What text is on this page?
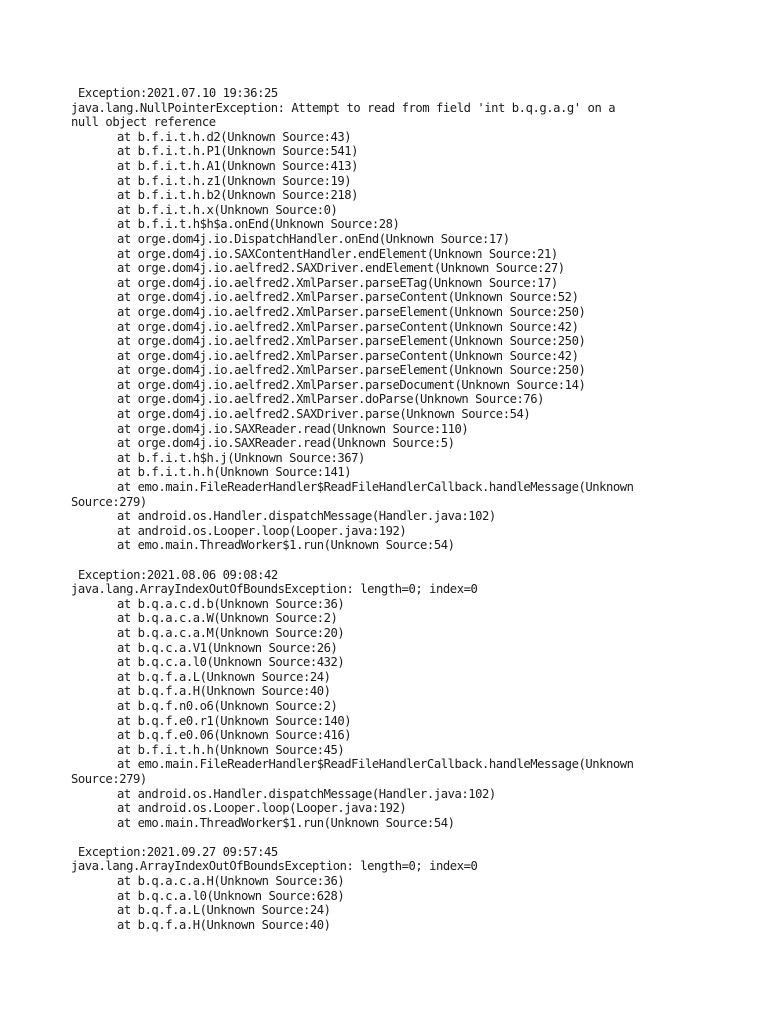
Exception:2021.07.10 19:36:25
java.lang.NullPointerException: Attempt to read from field 'int b.q.g.a.g' on a
null object reference
at b.f.i.t.h.d2(Unknown Source:43)
at b.f.i.t.h.P1(Unknown Source:541)
at b.f.i.t.h.A1(Unknown Source:413)
at b.f.i.t.h.z1(Unknown Source:19)
at b.f.i.t.h.b2(Unknown Source:218)
at b.f.i.t.h.x(Unknown Source:0)
at b.f.i.t.h$h$a.onEnd(Unknown Source:28)
at orge.dom4j.io.DispatchHandler.onEnd(Unknown Source:17)
at orge.dom4j.io.SAXContentHandler.endElement(Unknown Source:21)
at orge.dom4j.io.aelfred2.SAXDriver.endElement(Unknown Source:27)
at orge.dom4j.io.aelfred2.XmlParser.parseETag(Unknown Source:17)
at orge.dom4j.io.aelfred2.XmlParser.parseContent(Unknown Source:52)
at orge.dom4j.io.aelfred2.XmlParser.parseElement(Unknown Source:250)
at orge.dom4j.io.aelfred2.XmlParser.parseContent(Unknown Source:42)
at orge.dom4j.io.aelfred2.XmlParser.parseElement(Unknown Source:250)
at orge.dom4j.io.aelfred2.XmlParser.parseContent(Unknown Source:42)
at orge.dom4j.io.aelfred2.XmlParser.parseElement(Unknown Source:250)
at orge.dom4j.io.aelfred2.XmlParser.parseDocument(Unknown Source:14)
at orge.dom4j.io.aelfred2.XmlParser.doParse(Unknown Source:76)
at orge.dom4j.io.aelfred2.SAXDriver.parse(Unknown Source:54)
at orge.dom4j.io.SAXReader.read(Unknown Source:110)
at orge.dom4j.io.SAXReader.read(Unknown Source:5)
at b.f.i.t.h$h.j(Unknown Source:367)
at b.f.i.t.h.h(Unknown Source:141)
at emo.main.FileReaderHandler$ReadFileHandlerCallback.handleMessage(Unknown
Source:279)
at android.os.Handler.dispatchMessage(Handler.java:102)
at android.os.Looper.loop(Looper.java:192)
at emo.main.ThreadWorker$1.run(Unknown Source:54)
Exception:2021.08.06 09:08:42
java.lang.ArrayIndexOutOfBoundsException: length=0; index=0
at b.q.a.c.d.b(Unknown Source:36)
at b.q.a.c.a.W(Unknown Source:2)
at b.q.a.c.a.M(Unknown Source:20)
at b.q.c.a.V1(Unknown Source:26)
at b.q.c.a.l0(Unknown Source:432)
at b.q.f.a.L(Unknown Source:24)
at b.q.f.a.H(Unknown Source:40)
at b.q.f.n0.o6(Unknown Source:2)
at b.q.f.e0.r1(Unknown Source:140)
at b.q.f.e0.06(Unknown Source:416)
at b.f.i.t.h.h(Unknown Source:45)
at emo.main.FileReaderHandler$ReadFileHandlerCallback.handleMessage(Unknown
Source:279)
at android.os.Handler.dispatchMessage(Handler.java:102)
at android.os.Looper.loop(Looper.java:192)
at emo.main.ThreadWorker$1.run(Unknown Source:54)
Exception:2021.09.27 09:57:45
java.lang.ArrayIndexOutOfBoundsException: length=0; index=0
at b.q.a.c.a.H(Unknown Source:36)
at b.q.c.a.l0(Unknown Source:628)
at b.q.f.a.L(Unknown Source:24)
at b.q.f.a.H(Unknown Source:40)
